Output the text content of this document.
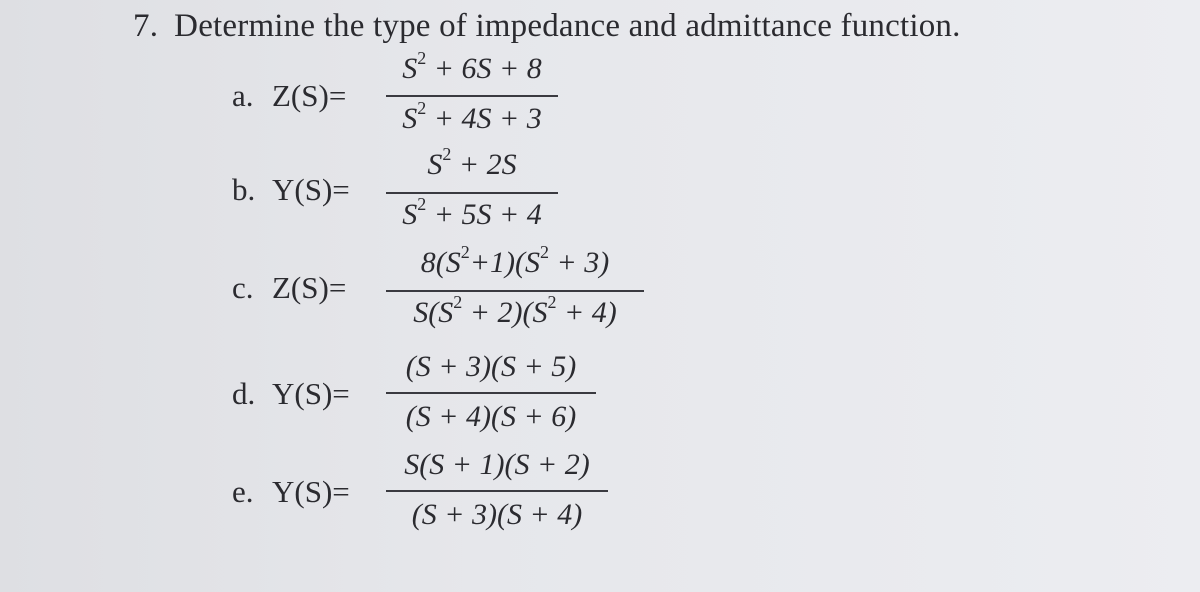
7. Determine the type of impedance and admittance function.
a. Z(S)=
$S^2 + 6S + 8$
$S^2 + 4S + 3$
b. Y(S)=
$S^2 + 2S$
$S^2 + 5S + 4$
c. Z(S)=
$8(S^2+1)(S^2 + 3)$
$S(S^2 + 2)(S^2 + 4)$
d. Y(S)=
(S + 3)(S + 5)
(S + 4)(S + 6)
e. Y(S)=
S(S + 1)(S + 2)
(S + 3)(S + 4)
